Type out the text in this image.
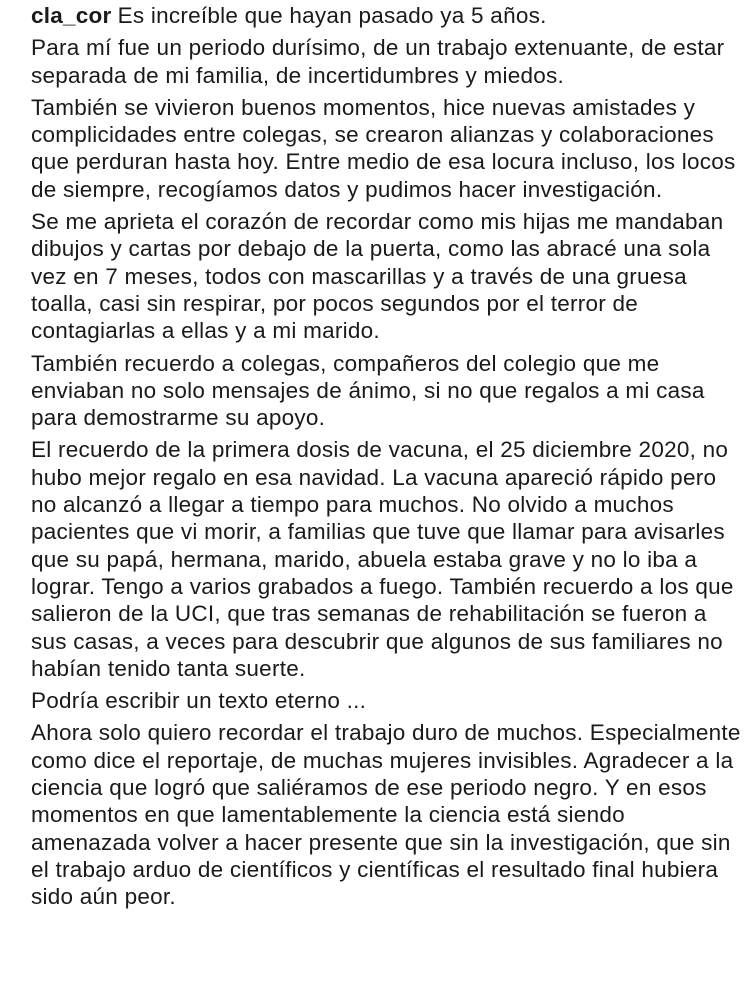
cla_cor Es increíble que hayan pasado ya 5 años.

Para mí fue un periodo durísimo, de un trabajo extenuante, de estar separada de mi familia, de incertidumbres y miedos.

También se vivieron buenos momentos, hice nuevas amistades y complicidades entre colegas, se crearon alianzas y colaboraciones que perduran hasta hoy. Entre medio de esa locura incluso, los locos de siempre, recogíamos datos y pudimos hacer investigación.

Se me aprieta el corazón de recordar como mis hijas me mandaban dibujos y cartas por debajo de la puerta, como las abracé una sola vez en 7 meses, todos con mascarillas y a través de una gruesa toalla, casi sin respirar, por pocos segundos por el terror de contagiarlas a ellas y a mi marido.

También recuerdo a colegas, compañeros del colegio que me enviaban no solo mensajes de ánimo, si no que regalos a mi casa para demostrarme su apoyo.

El recuerdo de la primera dosis de vacuna, el 25 diciembre 2020, no hubo mejor regalo en esa navidad. La vacuna apareció rápido pero no alcanzó a llegar a tiempo para muchos. No olvido a muchos pacientes que vi morir, a familias que tuve que llamar para avisarles que su papá, hermana, marido, abuela estaba grave y no lo iba a lograr. Tengo a varios grabados a fuego. También recuerdo a los que salieron de la UCI, que tras semanas de rehabilitación se fueron a sus casas, a veces para descubrir que algunos de sus familiares no habían tenido tanta suerte.

Podría escribir un texto eterno ...

Ahora solo quiero recordar el trabajo duro de muchos. Especialmente como dice el reportaje, de muchas mujeres invisibles. Agradecer a la ciencia que logró que saliéramos de ese periodo negro. Y en esos momentos en que lamentablemente la ciencia está siendo amenazada volver a hacer presente que sin la investigación, que sin el trabajo arduo de científicos y científicas el resultado final hubiera sido aún peor.
